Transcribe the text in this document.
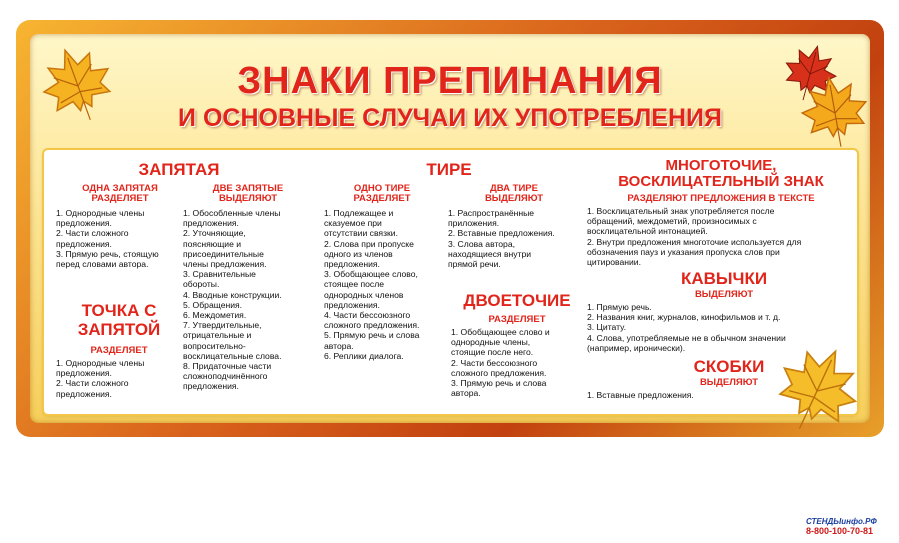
ЗНАКИ ПРЕПИНАНИЯ
И ОСНОВНЫЕ СЛУЧАИ ИХ УПОТРЕБЛЕНИЯ
ЗАПЯТАЯ
ОДНА ЗАПЯТАЯ
РАЗДЕЛЯЕТ
1. Однородные члены
предложения.
2. Части сложного
предложения.
3. Прямую речь, стоящую
перед словами автора.
ДВЕ ЗАПЯТЫЕ
ВЫДЕЛЯЮТ
1. Обособленные члены
предложения.
2. Уточняющие,
поясняющие и
присоединительные
члены предложения.
3. Сравнительные
обороты.
4. Вводные конструкции.
5. Обращения.
6. Междометия.
7. Утвердительные,
отрицательные и
вопросительно-
восклицательные слова.
8. Придаточные части
сложноподчинённого
предложения.
ТОЧКА С
ЗАПЯТОЙ
РАЗДЕЛЯЕТ
1. Однородные члены
предложения.
2. Части сложного
предложения.
ТИРЕ
ОДНО ТИРЕ
РАЗДЕЛЯЕТ
1. Подлежащее и
сказуемое при
отсутствии связки.
2. Слова при пропуске
одного из членов
предложения.
3. Обобщающее слово,
стоящее после
однородных членов
предложения.
4. Части бессоюзного
сложного предложения.
5. Прямую речь и слова
автора.
6. Реплики диалога.
ДВА ТИРЕ
ВЫДЕЛЯЮТ
1. Распространённые
приложения.
2. Вставные предложения.
3. Слова автора,
находящиеся внутри
прямой речи.
ДВОЕТОЧИЕ
РАЗДЕЛЯЕТ
1. Обобщающее слово и
однородные члены,
стоящие после него.
2. Части бессоюзного
сложного предложения.
3. Прямую речь и слова
автора.
МНОГОТОЧИЕ,
ВОСКЛИЦАТЕЛЬНЫЙ ЗНАК
РАЗДЕЛЯЮТ ПРЕДЛОЖЕНИЯ В ТЕКСТЕ
1. Восклицательный знак употребляется после
обращений, междометий, произносимых с
восклицательной интонацией.
2. Внутри предложения многоточие используется для
обозначения пауз и указания пропуска слов при
цитировании.
КАВЫЧКИ
ВЫДЕЛЯЮТ
1. Прямую речь.
2. Названия книг, журналов, кинофильмов и т. д.
3. Цитату.
4. Слова, употребляемые не в обычном значении
(например, иронически).
СКОБКИ
ВЫДЕЛЯЮТ
1. Вставные предложения.
СТЕНДЫинфо.РФ
8-800-100-70-81
